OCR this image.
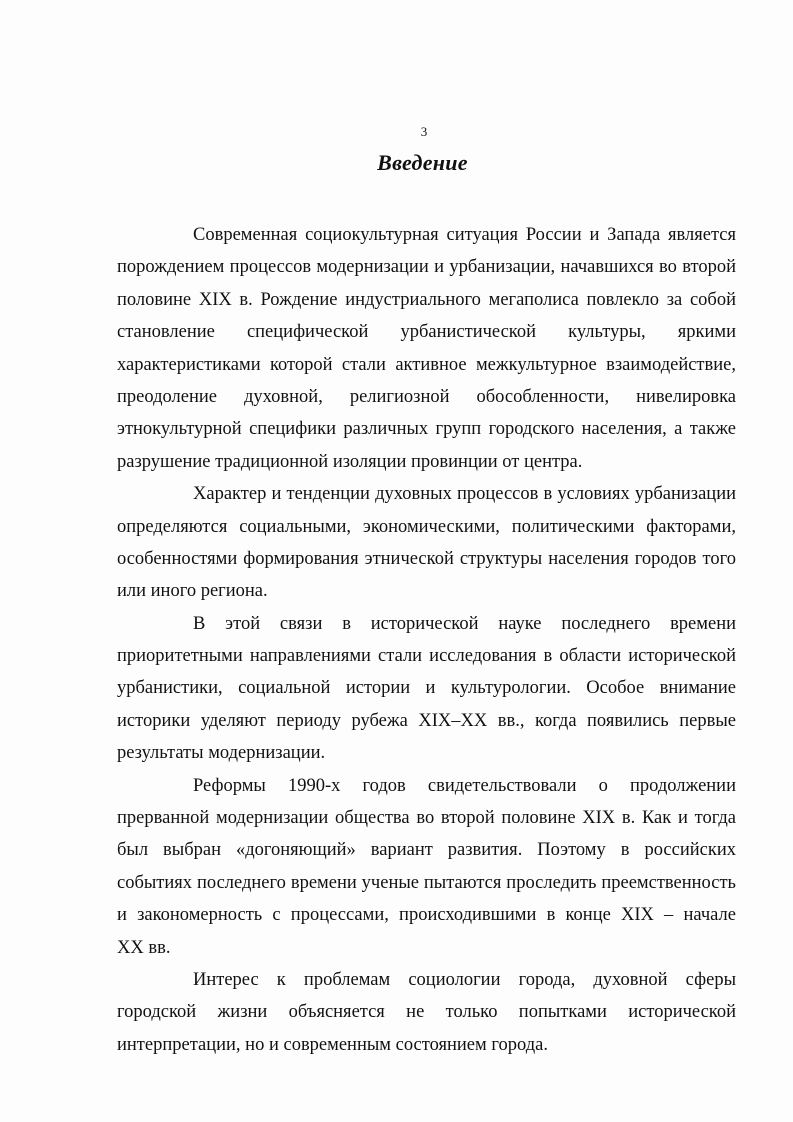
3
Введение
Современная социокультурная ситуация России и Запада является
порождением процессов модернизации и урбанизации, начавшихся во второй
половине XIX в. Рождение индустриального мегаполиса повлекло за собой
становление специфической урбанистической культуры, яркими
характеристиками которой стали активное межкультурное взаимодействие,
преодоление духовной, религиозной обособленности, нивелировка
этнокультурной специфики различных групп городского населения, а также
разрушение традиционной изоляции провинции от центра.
Характер и тенденции духовных процессов в условиях урбанизации
определяются социальными, экономическими, политическими факторами,
особенностями формирования этнической структуры населения городов того
или иного региона.
В этой связи в исторической науке последнего времени
приоритетными направлениями стали исследования в области исторической
урбанистики, социальной истории и культурологии. Особое внимание
историки уделяют периоду рубежа XIX–XX вв., когда появились первые
результаты модернизации.
Реформы 1990-х годов свидетельствовали о продолжении
прерванной модернизации общества во второй половине XIX в. Как и тогда
был выбран «догоняющий» вариант развития. Поэтому в российских
событиях последнего времени ученые пытаются проследить преемственность
и закономерность с процессами, происходившими в конце XIX – начале
XX вв.
Интерес к проблемам социологии города, духовной сферы
городской жизни объясняется не только попытками исторической
интерпретации, но и современным состоянием города.
